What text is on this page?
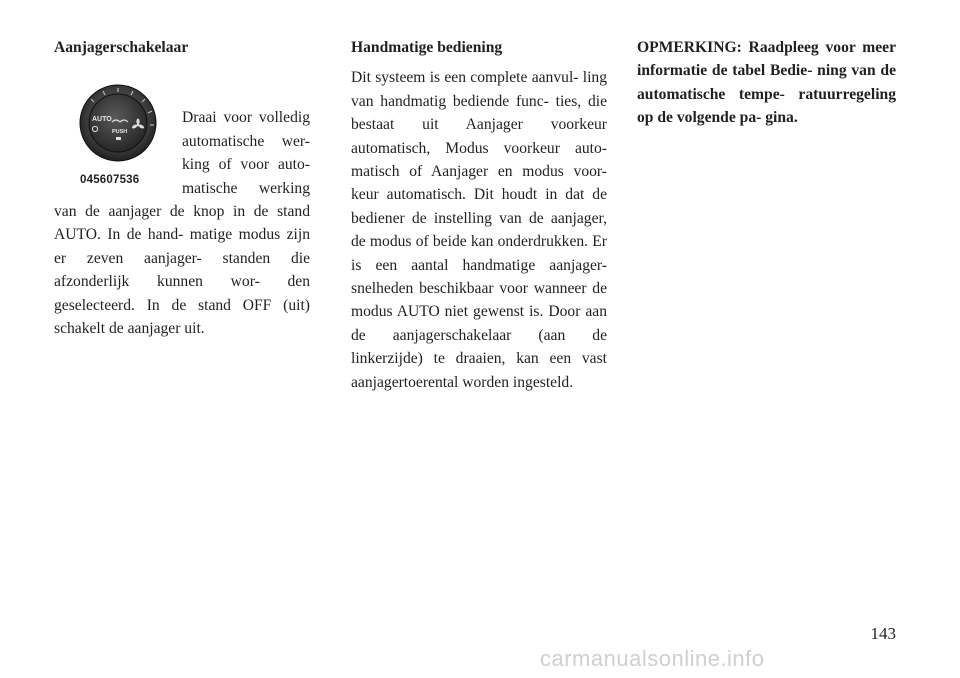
Aanjagerschakelaar
AUTO
PUSH
045607536

Draai voor volledig automatische wer- king of voor auto- matische werking van de aanjager de knop in de stand AUTO. In de hand- matige modus zijn er zeven aanjager- standen die afzonderlijk kunnen wor- den geselecteerd. In de stand OFF (uit) schakelt de aanjager uit.

Handmatige bediening

Dit systeem is een complete aanvul- ling van handmatig bediende func- ties, die bestaat uit Aanjager voorkeur automatisch, Modus voorkeur auto- matisch of Aanjager en modus voor- keur automatisch. Dit houdt in dat de bediener de instelling van de aanjager, de modus of beide kan onderdrukken. Er is een aantal handmatige aanjager- snelheden beschikbaar voor wanneer de modus AUTO niet gewenst is. Door aan de aanjagerschakelaar (aan de linkerzijde) te draaien, kan een vast aanjagertoerental worden ingesteld.

OPMERKING: Raadpleeg voor meer informatie de tabel Bedie- ning van de automatische tempe- ratuurregeling op de volgende pa- gina.

143
carmanualsonline.info
